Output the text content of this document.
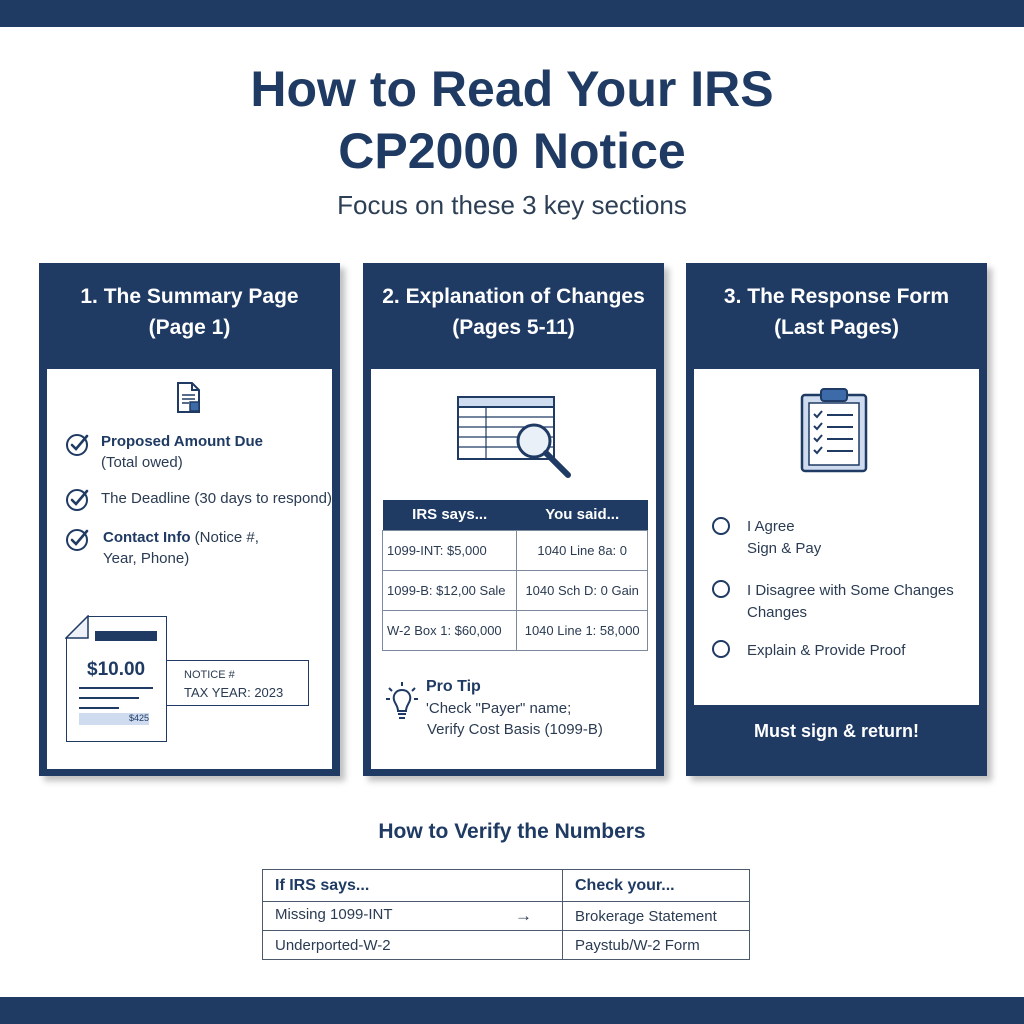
How to Read Your IRS
CP2000 Notice
Focus on these 3 key sections
1. The Summary Page
(Page 1)
Proposed Amount Due
(Total owed)
The Deadline (30 days to respond)
Contact Info (Notice #,
Year, Phone)
NOTICE #
TAX YEAR: 2023
$10.00
$425
2. Explanation of Changes
(Pages 5-11)
IRS says...	You said...
1099-INT: $5,000	1040 Line 8a: 0
1099-B: $12,00 Sale	1040 Sch D: 0 Gain
W-2 Box 1: $60,000	1040 Line 1: 58,000
Pro Tip
'Check "Payer" name;
Verify Cost Basis (1099-B)
3. The Response Form
(Last Pages)
I Agree
Sign & Pay
I Disagree with Some Changes
Changes
Explain & Provide Proof
Must sign & return!
How to Verify the Numbers
If IRS says...	Check your...
Missing 1099-INT →	Brokerage Statement
Underported-W-2	Paystub/W-2 Form
